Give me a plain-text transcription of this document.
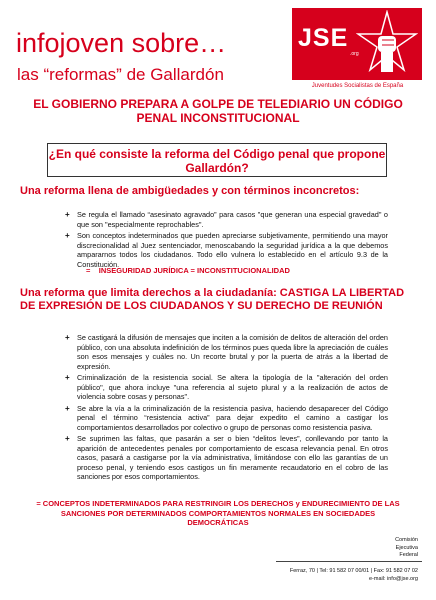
infojoven sobre…
las “reformas” de Gallardón
JSE
.org
Juventudes Socialistas de España
EL GOBIERNO PREPARA A GOLPE DE TELEDIARIO UN CÓDIGO PENAL INCONSTITUCIONAL
¿En qué consiste la reforma del Código penal que propone Gallardón?
Una reforma llena de ambigüedades y con términos inconcretos:
+ Se regula el llamado “asesinato agravado” para casos "que generan una especial gravedad" o que son "especialmente reprochables".
+ Son conceptos indeterminados que pueden apreciarse subjetivamente, permitiendo una mayor discrecionalidad al Juez sentenciador, menoscabando la seguridad jurídica a la que debemos ampararnos todos los ciudadanos. Todo ello vulnera lo establecido en el artículo 9.3 de la Constitución.
= INSEGURIDAD JURÍDICA = INCONSTITUCIONALIDAD
Una reforma que limita derechos a la ciudadanía: CASTIGA LA LIBERTAD DE EXPRESIÓN DE LOS CIUDADANOS Y SU DERECHO DE REUNIÓN
+ Se castigará la difusión de mensajes que inciten a la comisión de delitos de alteración del orden público, con una absoluta indefinición de los términos pues queda libre la apreciación de cuáles son esos mensajes y cuáles no. Un recorte brutal y por la puerta de atrás a la libertad de expresión.
+ Criminalización de la resistencia social. Se altera la tipología de la "alteración del orden público", que ahora incluye "una referencia al sujeto plural y a la realización de actos de violencia sobre cosas y personas".
+ Se abre la vía a la criminalización de la resistencia pasiva, haciendo desaparecer del Código penal el término “resistencia activa” para dejar expedito el camino a castigar los comportamientos desarrollados por colectivo o grupo de personas como resistencia pasiva.
+ Se suprimen las faltas, que pasarán a ser o bien “delitos leves”, conllevando por tanto la aparición de antecedentes penales por comportamiento de escasa relevancia penal. En otros casos, pasará a castigarse por la vía administrativa, limitándose con ello las garantías de un proceso penal, y teniendo esos castigos un fin meramente recaudatorio en el cobro de las sanciones por esos comportamientos.
= CONCEPTOS INDETERMINADOS PARA RESTRINGIR LOS DERECHOS y ENDURECIMIENTO DE LAS SANCIONES POR DETERMINADOS COMPORTAMIENTOS NORMALES EN SOCIEDADES DEMOCRÁTICAS
Comisión
Ejecutiva
Federal
Ferraz, 70 | Tel: 91 582 07 00/01 | Fax: 91 582 07 02
e-mail: info@jse.org
